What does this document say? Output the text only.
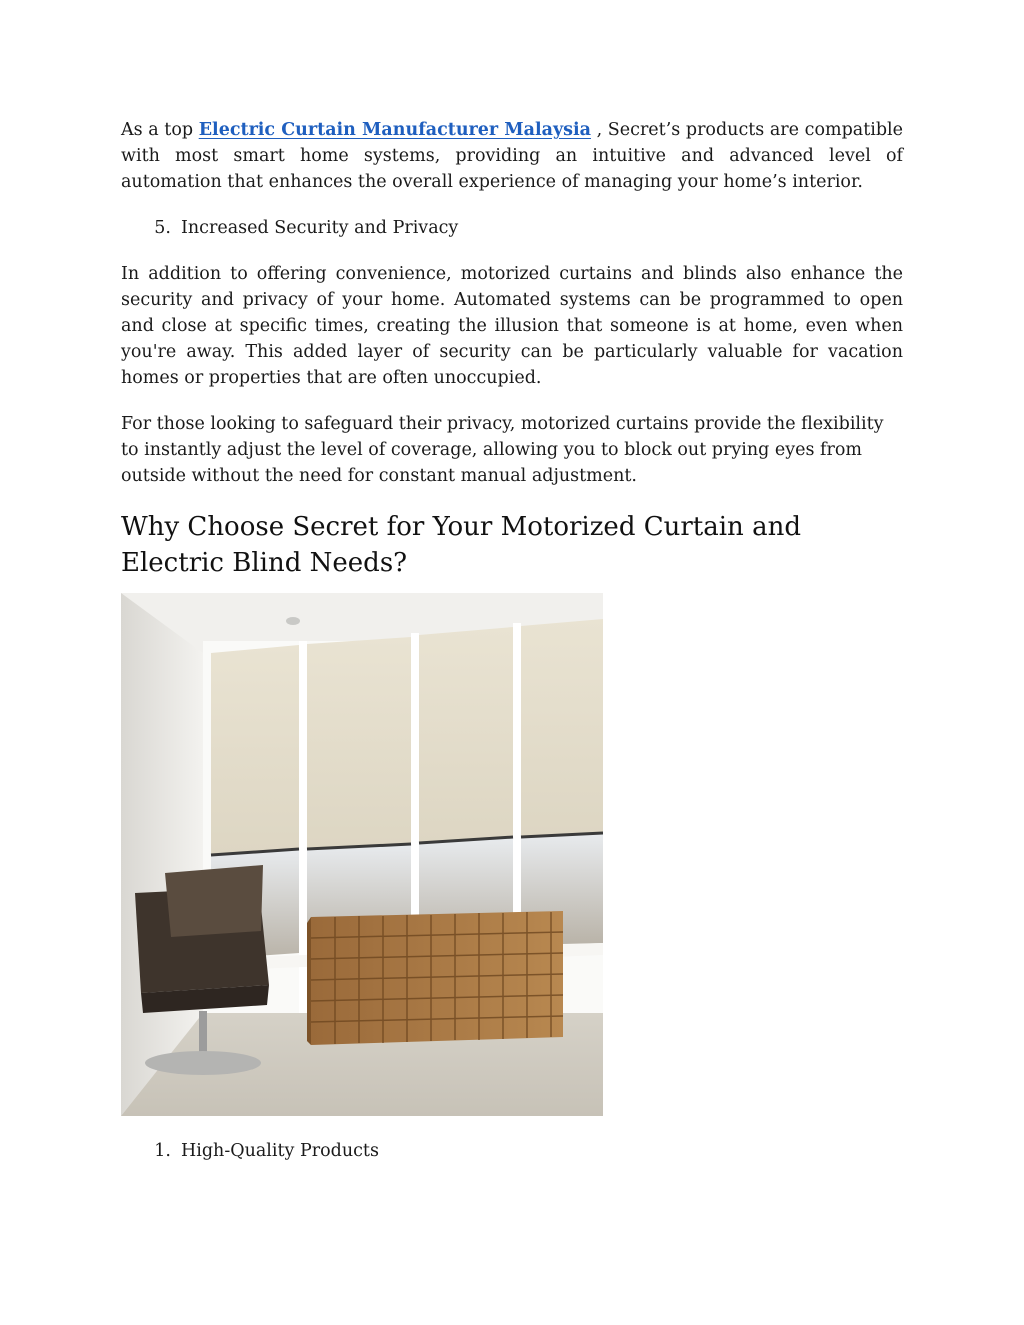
As a top Electric Curtain Manufacturer Malaysia , Secret’s products are compatible with most smart home systems, providing an intuitive and advanced level of automation that enhances the overall experience of managing your home’s interior.

5. Increased Security and Privacy

In addition to offering convenience, motorized curtains and blinds also enhance the security and privacy of your home. Automated systems can be programmed to open and close at specific times, creating the illusion that someone is at home, even when you're away. This added layer of security can be particularly valuable for vacation homes or properties that are often unoccupied.

For those looking to safeguard their privacy, motorized curtains provide the flexibility to instantly adjust the level of coverage, allowing you to block out prying eyes from outside without the need for constant manual adjustment.

Why Choose Secret for Your Motorized Curtain and Electric Blind Needs?
1. High-Quality Products
